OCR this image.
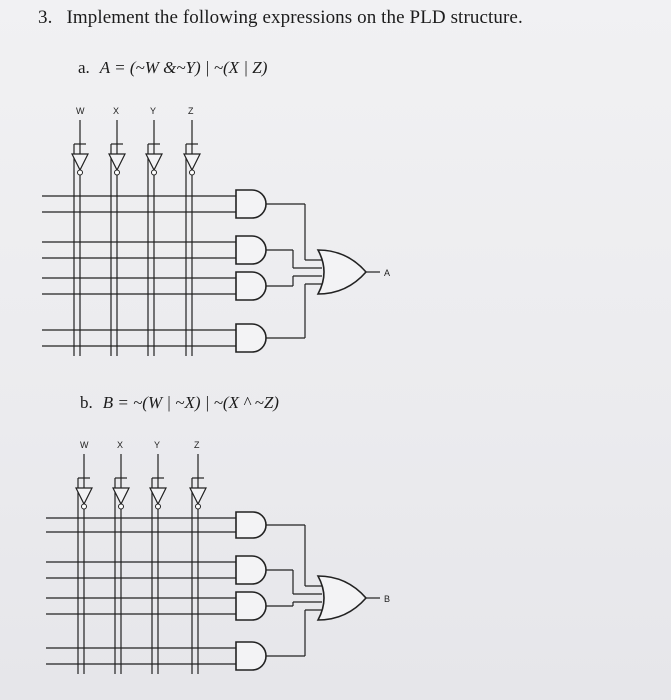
3. Implement the following expressions on the PLD structure.
a. A = (~W &~Y) | ~(X | Z)
b. B = ~(W | ~X) | ~(X ^ ~Z)
W	X	Y	Z
A
W	X	Y	Z
B
